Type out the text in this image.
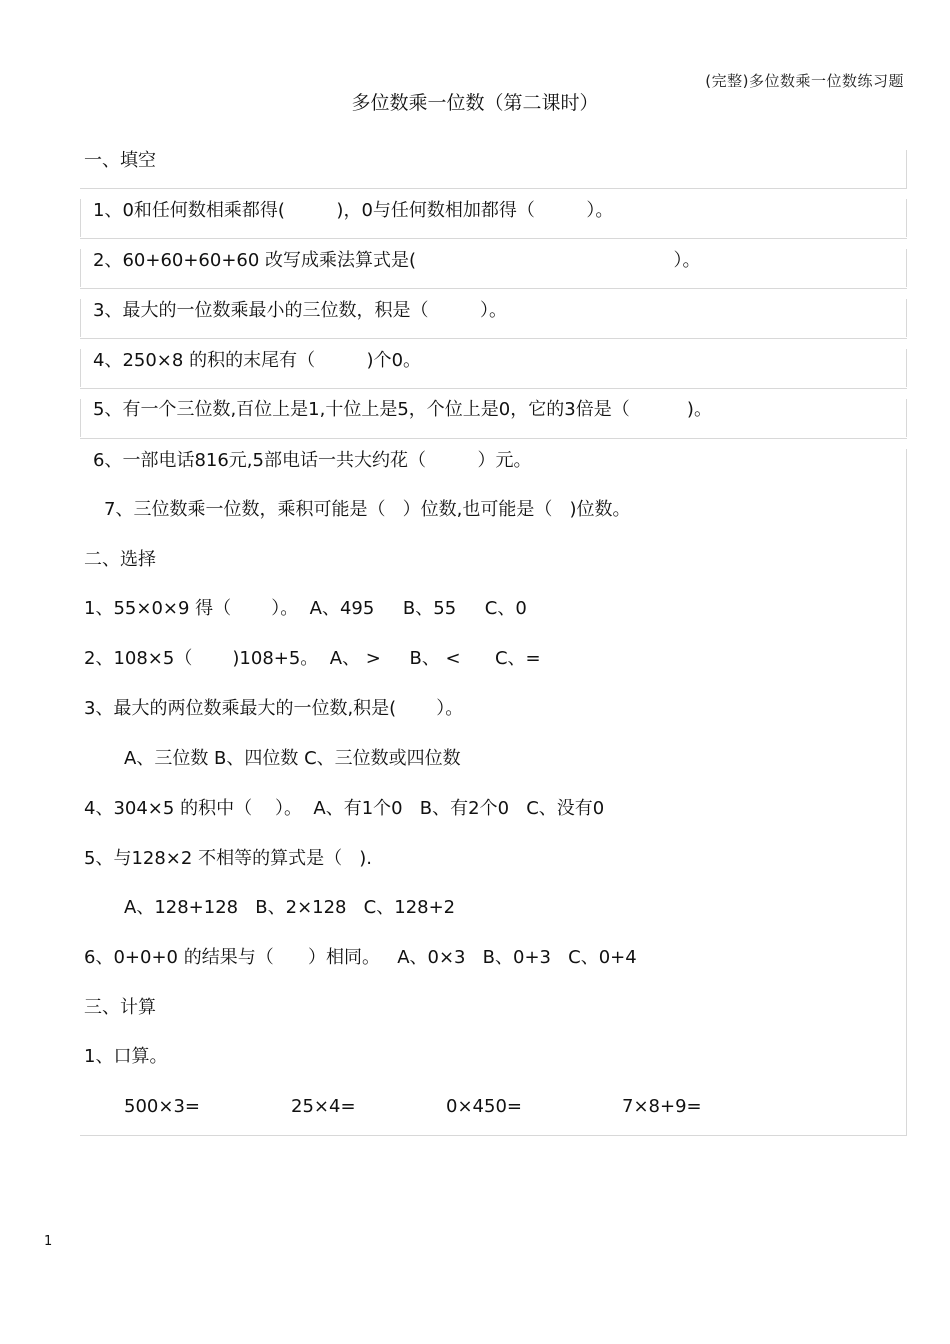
(完整)多位数乘一位数练习题
多位数乘一位数（第二课时）
一、填空
1、0和任何数相乘都得(         )，0与任何数相加都得（         ）。
2、60+60+60+60 改写成乘法算式是(                                             ）。
3、最大的一位数乘最小的三位数，积是（         ）。
4、250×8 的积的末尾有（         )个0。
5、有一个三位数,百位上是1,十位上是5，个位上是0，它的3倍是（          )。
6、一部电话816元,5部电话一共大约花（         ）元。
7、三位数乘一位数，乘积可能是（   ）位数,也可能是（   )位数。
二、选择
1、55×0×9 得（       ）。  A、495     B、55     C、0
2、108×5（       )108+5。  A、 >     B、 <      C、=
3、最大的两位数乘最大的一位数,积是(       ）。
A、三位数 B、四位数 C、三位数或四位数
4、304×5 的积中（    ）。  A、有1个0   B、有2个0   C、没有0
5、与128×2 不相等的算式是（   ).
A、128+128   B、2×128   C、128+2
6、0+0+0 的结果与（      ）相同。   A、0×3   B、0+3   C、0+4
三、计算
1、口算。
500×3=	25×4=	0×450=	7×8+9=
1
